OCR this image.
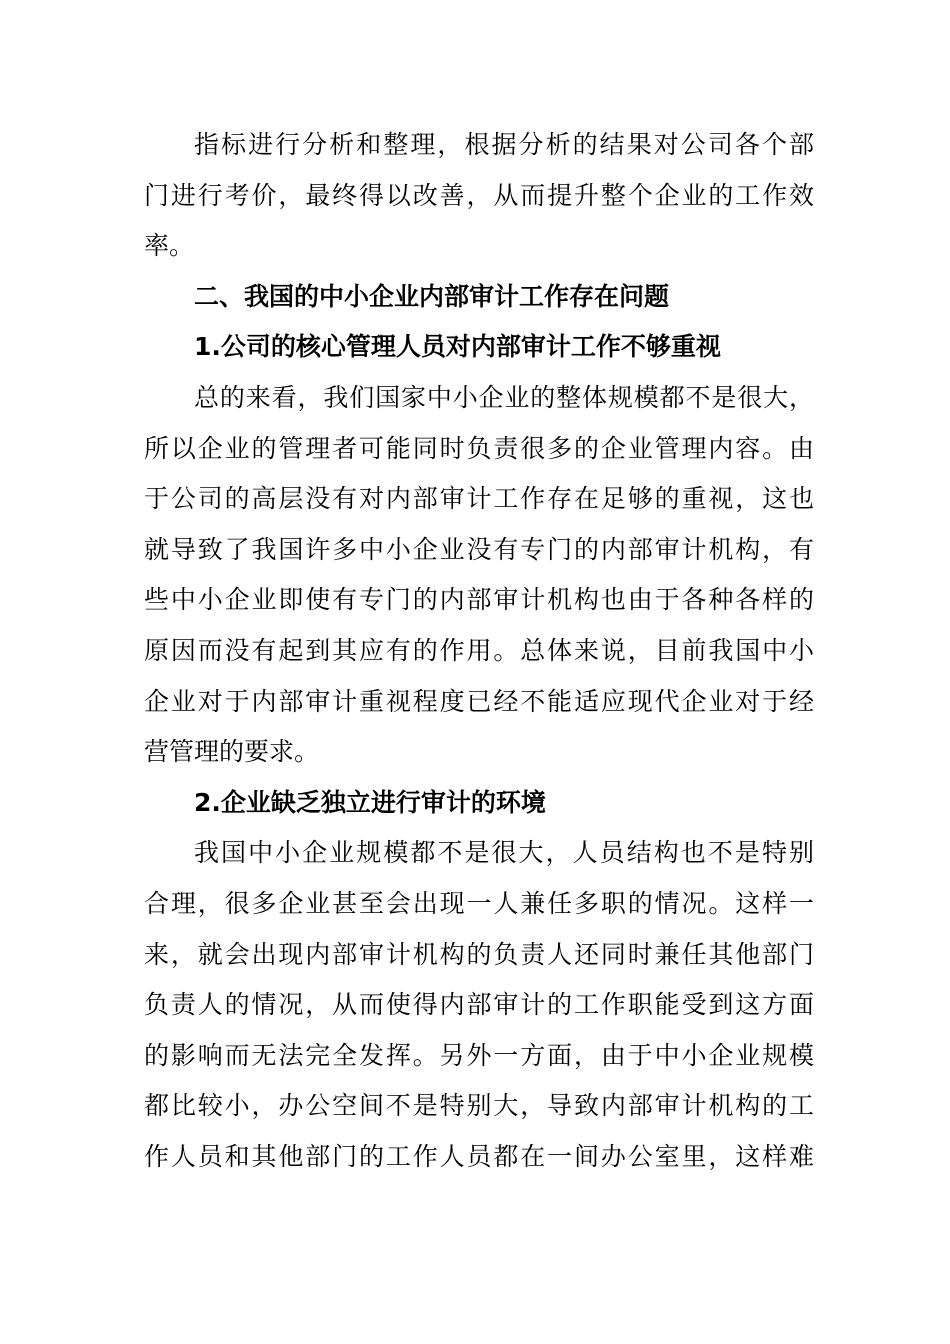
指标进行分析和整理，根据分析的结果对公司各个部
门进行考价，最终得以改善，从而提升整个企业的工作效
率。
二、我国的中小企业内部审计工作存在问题
1.公司的核心管理人员对内部审计工作不够重视
总的来看，我们国家中小企业的整体规模都不是很大，
所以企业的管理者可能同时负责很多的企业管理内容。由
于公司的高层没有对内部审计工作存在足够的重视，这也
就导致了我国许多中小企业没有专门的内部审计机构，有
些中小企业即使有专门的内部审计机构也由于各种各样的
原因而没有起到其应有的作用。总体来说，目前我国中小
企业对于内部审计重视程度已经不能适应现代企业对于经
营管理的要求。
2.企业缺乏独立进行审计的环境
我国中小企业规模都不是很大，人员结构也不是特别
合理，很多企业甚至会出现一人兼任多职的情况。这样一
来，就会出现内部审计机构的负责人还同时兼任其他部门
负责人的情况，从而使得内部审计的工作职能受到这方面
的影响而无法完全发挥。另外一方面，由于中小企业规模
都比较小，办公空间不是特别大，导致内部审计机构的工
作人员和其他部门的工作人员都在一间办公室里，这样难
